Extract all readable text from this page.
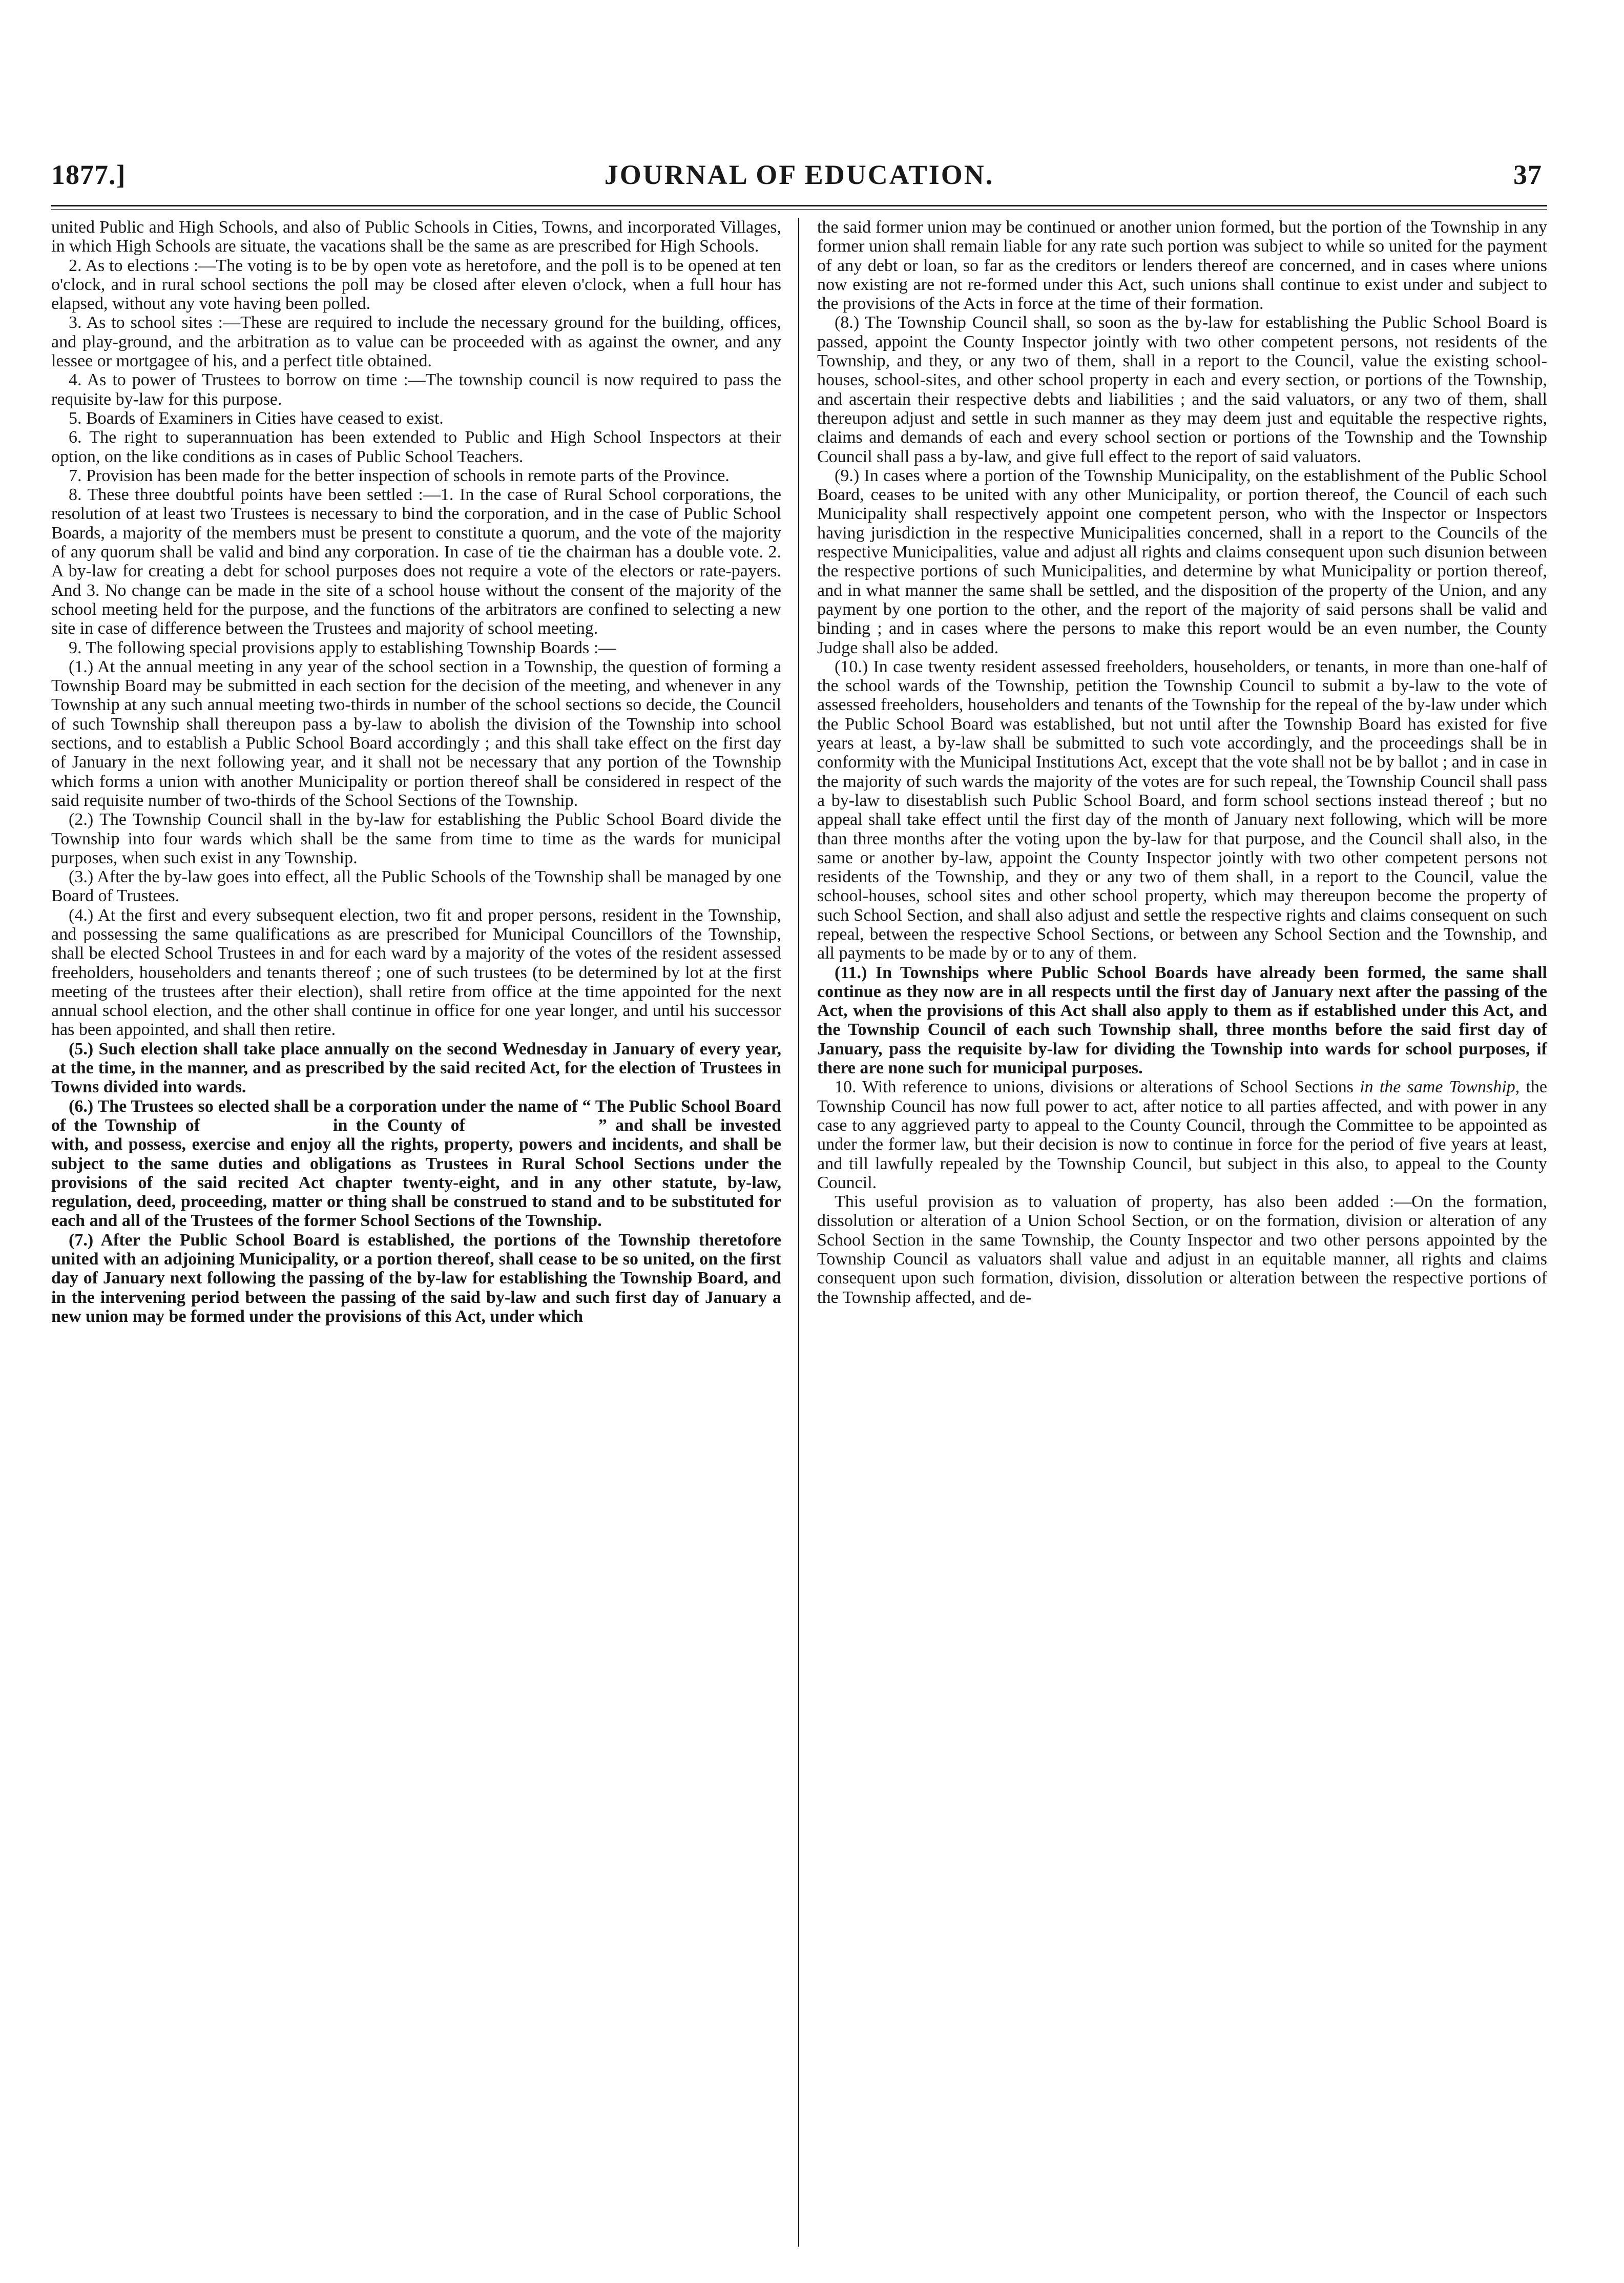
1877.]	JOURNAL OF EDUCATION.	37

united Public and High Schools, and also of Public Schools in Cities, Towns, and incorporated Villages, in which High Schools are situate, the vacations shall be the same as are prescribed for High Schools.

2. As to elections :—The voting is to be by open vote as heretofore, and the poll is to be opened at ten o'clock, and in rural school sections the poll may be closed after eleven o'clock, when a full hour has elapsed, without any vote having been polled.

3. As to school sites :—These are required to include the necessary ground for the building, offices, and play-ground, and the arbitration as to value can be proceeded with as against the owner, and any lessee or mortgagee of his, and a perfect title obtained.

4. As to power of Trustees to borrow on time :—The township council is now required to pass the requisite by-law for this purpose.

5. Boards of Examiners in Cities have ceased to exist.

6. The right to superannuation has been extended to Public and High School Inspectors at their option, on the like conditions as in cases of Public School Teachers.

7. Provision has been made for the better inspection of schools in remote parts of the Province.

8. These three doubtful points have been settled :—1. In the case of Rural School corporations, the resolution of at least two Trustees is necessary to bind the corporation, and in the case of Public School Boards, a majority of the members must be present to constitute a quorum, and the vote of the majority of any quorum shall be valid and bind any corporation. In case of tie the chairman has a double vote. 2. A by-law for creating a debt for school purposes does not require a vote of the electors or rate-payers. And 3. No change can be made in the site of a school house without the consent of the majority of the school meeting held for the purpose, and the functions of the arbitrators are confined to selecting a new site in case of difference between the Trustees and majority of school meeting.

9. The following special provisions apply to establishing Township Boards :—

(1.) At the annual meeting in any year of the school section in a Township, the question of forming a Township Board may be submitted in each section for the decision of the meeting, and whenever in any Township at any such annual meeting two-thirds in number of the school sections so decide, the Council of such Township shall thereupon pass a by-law to abolish the division of the Township into school sections, and to establish a Public School Board accordingly ; and this shall take effect on the first day of January in the next following year, and it shall not be necessary that any portion of the Township which forms a union with another Municipality or portion thereof shall be considered in respect of the said requisite number of two-thirds of the School Sections of the Township.

(2.) The Township Council shall in the by-law for establishing the Public School Board divide the Township into four wards which shall be the same from time to time as the wards for municipal purposes, when such exist in any Township.

(3.) After the by-law goes into effect, all the Public Schools of the Township shall be managed by one Board of Trustees.

(4.) At the first and every subsequent election, two fit and proper persons, resident in the Township, and possessing the same qualifications as are prescribed for Municipal Councillors of the Township, shall be elected School Trustees in and for each ward by a majority of the votes of the resident assessed freeholders, householders and tenants thereof ; one of such trustees (to be determined by lot at the first meeting of the trustees after their election), shall retire from office at the time appointed for the next annual school election, and the other shall continue in office for one year longer, and until his successor has been appointed, and shall then retire.

(5.) Such election shall take place annually on the second Wednesday in January of every year, at the time, in the manner, and as prescribed by the said recited Act, for the election of Trustees in Towns divided into wards.

(6.) The Trustees so elected shall be a corporation under the name of “ The Public School Board of the Township of	in the County of	” and shall be invested with, and possess, exercise and enjoy all the rights, property, powers and incidents, and shall be subject to the same duties and obligations as Trustees in Rural School Sections under the provisions of the said recited Act chapter twenty-eight, and in any other statute, by-law, regulation, deed, proceeding, matter or thing shall be construed to stand and to be substituted for each and all of the Trustees of the former School Sections of the Township.

(7.) After the Public School Board is established, the portions of the Township theretofore united with an adjoining Municipality, or a portion thereof, shall cease to be so united, on the first day of January next following the passing of the by-law for establishing the Township Board, and in the intervening period between the passing of the said by-law and such first day of January a new union may be formed under the provisions of this Act, under which

the said former union may be continued or another union formed, but the portion of the Township in any former union shall remain liable for any rate such portion was subject to while so united for the payment of any debt or loan, so far as the creditors or lenders thereof are concerned, and in cases where unions now existing are not re-formed under this Act, such unions shall continue to exist under and subject to the provisions of the Acts in force at the time of their formation.

(8.) The Township Council shall, so soon as the by-law for establishing the Public School Board is passed, appoint the County Inspector jointly with two other competent persons, not residents of the Township, and they, or any two of them, shall in a report to the Council, value the existing school-houses, school-sites, and other school property in each and every section, or portions of the Township, and ascertain their respective debts and liabilities ; and the said valuators, or any two of them, shall thereupon adjust and settle in such manner as they may deem just and equitable the respective rights, claims and demands of each and every school section or portions of the Township and the Township Council shall pass a by-law, and give full effect to the report of said valuators.

(9.) In cases where a portion of the Township Municipality, on the establishment of the Public School Board, ceases to be united with any other Municipality, or portion thereof, the Council of each such Municipality shall respectively appoint one competent person, who with the Inspector or Inspectors having jurisdiction in the respective Municipalities concerned, shall in a report to the Councils of the respective Municipalities, value and adjust all rights and claims consequent upon such disunion between the respective portions of such Municipalities, and determine by what Municipality or portion thereof, and in what manner the same shall be settled, and the disposition of the property of the Union, and any payment by one portion to the other, and the report of the majority of said persons shall be valid and binding ; and in cases where the persons to make this report would be an even number, the County Judge shall also be added.

(10.) In case twenty resident assessed freeholders, householders, or tenants, in more than one-half of the school wards of the Township, petition the Township Council to submit a by-law to the vote of assessed freeholders, householders and tenants of the Township for the repeal of the by-law under which the Public School Board was established, but not until after the Township Board has existed for five years at least, a by-law shall be submitted to such vote accordingly, and the proceedings shall be in conformity with the Municipal Institutions Act, except that the vote shall not be by ballot ; and in case in the majority of such wards the majority of the votes are for such repeal, the Township Council shall pass a by-law to disestablish such Public School Board, and form school sections instead thereof ; but no appeal shall take effect until the first day of the month of January next following, which will be more than three months after the voting upon the by-law for that purpose, and the Council shall also, in the same or another by-law, appoint the County Inspector jointly with two other competent persons not residents of the Township, and they or any two of them shall, in a report to the Council, value the school-houses, school sites and other school property, which may thereupon become the property of such School Section, and shall also adjust and settle the respective rights and claims consequent on such repeal, between the respective School Sections, or between any School Section and the Township, and all payments to be made by or to any of them.

(11.) In Townships where Public School Boards have already been formed, the same shall continue as they now are in all respects until the first day of January next after the passing of the Act, when the provisions of this Act shall also apply to them as if established under this Act, and the Township Council of each such Township shall, three months before the said first day of January, pass the requisite by-law for dividing the Township into wards for school purposes, if there are none such for municipal purposes.

10. With reference to unions, divisions or alterations of School Sections in the same Township, the Township Council has now full power to act, after notice to all parties affected, and with power in any case to any aggrieved party to appeal to the County Council, through the Committee to be appointed as under the former law, but their decision is now to continue in force for the period of five years at least, and till lawfully repealed by the Township Council, but subject in this also, to appeal to the County Council.

This useful provision as to valuation of property, has also been added :—On the formation, dissolution or alteration of a Union School Section, or on the formation, division or alteration of any School Section in the same Township, the County Inspector and two other persons appointed by the Township Council as valuators shall value and adjust in an equitable manner, all rights and claims consequent upon such formation, division, dissolution or alteration between the respective portions of the Township affected, and de-
